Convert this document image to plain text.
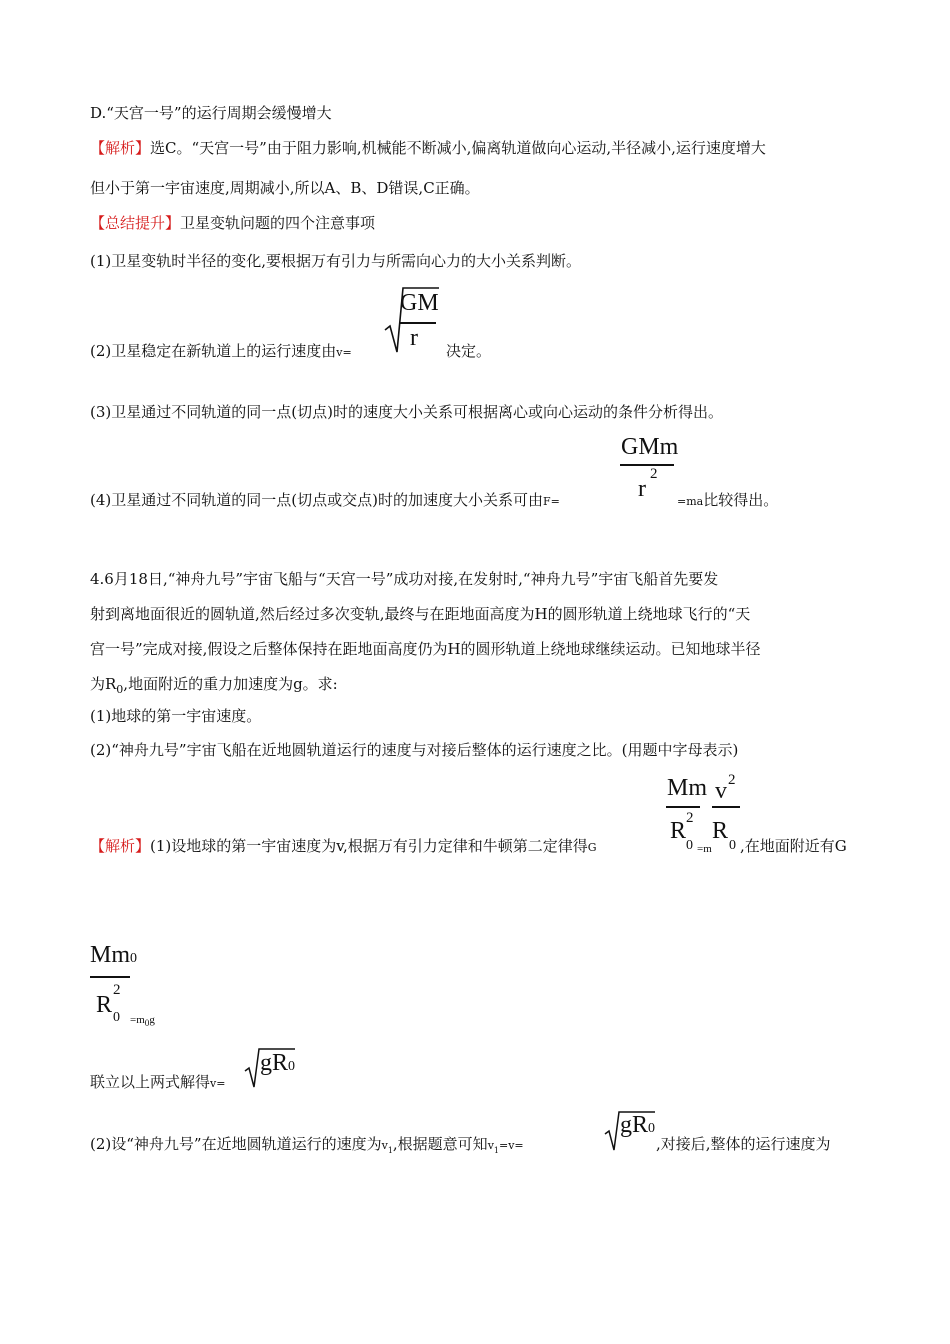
D.“天宫一号”的运行周期会缓慢增大
【解析】选C。“天宫一号”由于阻力影响,机械能不断减小,偏离轨道做向心运动,半径减小,运行速度增大
但小于第一宇宙速度,周期减小,所以A、B、D错误,C正确。
【总结提升】卫星变轨问题的四个注意事项
(1)卫星变轨时半径的变化,要根据万有引力与所需向心力的大小关系判断。
(2)卫星稳定在新轨道上的运行速度由v=
GM
r 决定。
(3)卫星通过不同轨道的同一点(切点)时的速度大小关系可根据离心或向心运动的条件分析得出。
GMm
r
2
(4)卫星通过不同轨道的同一点(切点或交点)时的加速度大小关系可由F=	=ma比较得出。
4.6月18日,“神舟九号”宇宙飞船与“天宫一号”成功对接,在发射时,“神舟九号”宇宙飞船首先要发
射到离地面很近的圆轨道,然后经过多次变轨,最终与在距地面高度为H的圆形轨道上绕地球飞行的“天
宫一号”完成对接,假设之后整体保持在距地面高度仍为H的圆形轨道上绕地球继续运动。已知地球半径
为$R_0$,地面附近的重力加速度为g。求:
(1)地球的第一宇宙速度。
(2)“神舟九号”宇宙飞船在近地圆轨道运行的速度与对接后整体的运行速度之比。(用题中字母表示)
Mm
R
0
2
v 2
R
0
【解析】(1)设地球的第一宇宙速度为v,根据万有引力定律和牛顿第二定律得G	=m ,在地面附近有G
Mm0
R 0
2
$=m_0g$
联立以上两式解得v=
gR0
(2)设“神舟九号”在近地圆轨道运行的速度为$v_1$,根据题意可知$v_1=v=$
gR0
,对接后,整体的运行速度为
